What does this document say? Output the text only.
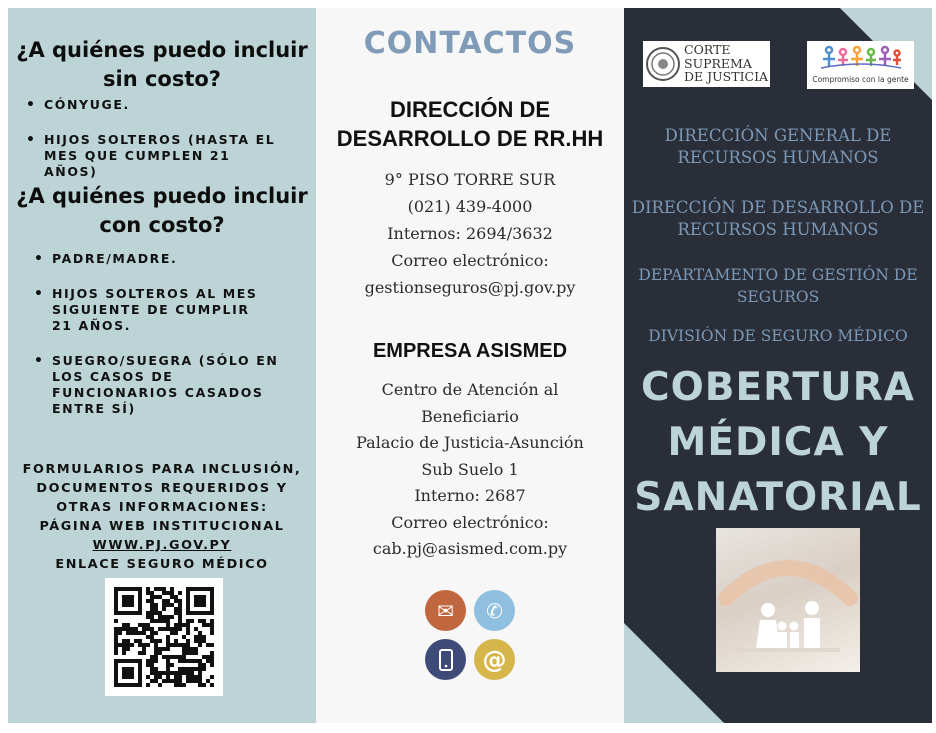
¿A quiénes puedo incluir sin costo?
• CÓNYUGE.
• HIJOS SOLTEROS (HASTA EL MES QUE CUMPLEN 21 AÑOS)
¿A quiénes puedo incluir con costo?
• PADRE/MADRE.
• HIJOS SOLTEROS AL MES SIGUIENTE DE CUMPLIR 21 AÑOS.
• SUEGRO/SUEGRA (SÓLO EN LOS CASOS DE FUNCIONARIOS CASADOS ENTRE SÍ)
FORMULARIOS PARA INCLUSIÓN,
DOCUMENTOS REQUERIDOS Y
OTRAS INFORMACIONES:
PÁGINA WEB INSTITUCIONAL
WWW.PJ.GOV.PY
ENLACE SEGURO MÉDICO
CONTACTOS
DIRECCIÓN DE
DESARROLLO DE RR.HH
9° PISO TORRE SUR
(021) 439-4000
Internos: 2694/3632
Correo electrónico:
gestionseguros@pj.gov.py
EMPRESA ASISMED
Centro de Atención al
Beneficiario
Palacio de Justicia-Asunción
Sub Suelo 1
Interno: 2687
Correo electrónico:
cab.pj@asismed.com.py
✉	✆
@
CORTE
SUPREMA
DE JUSTICIA	Compromiso con la gente
DIRECCIÓN GENERAL DE RECURSOS HUMANOS
DIRECCIÓN DE DESARROLLO DE RECURSOS HUMANOS
DEPARTAMENTO DE GESTIÓN DE SEGUROS
DIVISIÓN DE SEGURO MÉDICO
COBERTURA
MÉDICA Y
SANATORIAL
